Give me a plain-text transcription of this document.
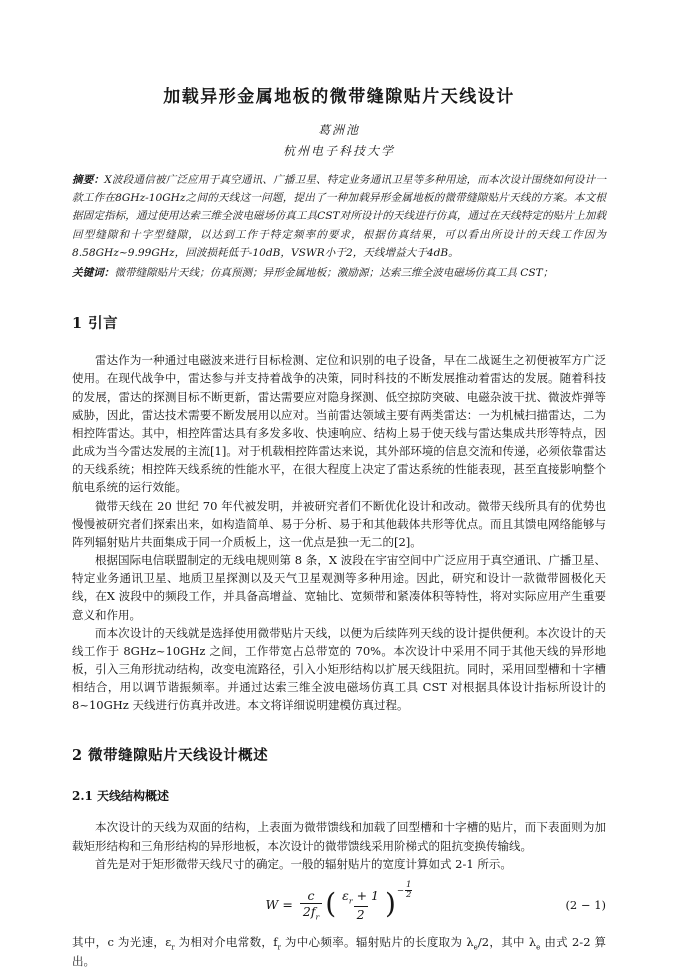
加载异形金属地板的微带缝隙贴片天线设计
葛洲池
杭州电子科技大学

摘要：X波段通信被广泛应用于真空通讯、广播卫星、特定业务通讯卫星等多种用途，而本次设计围绕如何设计一款工作在8GHz-10GHz之间的天线这一问题，提出了一种加载异形金属地板的微带缝隙贴片天线的方案。本文根据固定指标，通过使用达索三维全波电磁场仿真工具CST对所设计的天线进行仿真，通过在天线特定的贴片上加载回型缝隙和十字型缝隙，以达到工作于特定频率的要求，根据仿真结果，可以看出所设计的天线工作因为8.58GHz~9.99GHz，回波损耗低于-10dB，VSWR小于2，天线增益大于4dB。

关键词：微带缝隙贴片天线；仿真预测；异形金属地板；激励源；达索三维全波电磁场仿真工具 CST；

1 引言

雷达作为一种通过电磁波来进行目标检测、定位和识别的电子设备，早在二战诞生之初便被军方广泛使用。在现代战争中，雷达参与并支持着战争的决策，同时科技的不断发展推动着雷达的发展。随着科技的发展，雷达的探测目标不断更新，雷达需要应对隐身探测、低空掠防突破、电磁杂波干扰、微波炸弹等威胁，因此，雷达技术需要不断发展用以应对。当前雷达领域主要有两类雷达：一为机械扫描雷达，二为相控阵雷达。其中，相控阵雷达具有多发多收、快速响应、结构上易于使天线与雷达集成共形等特点，因此成为当今雷达发展的主流[1]。对于机载相控阵雷达来说，其外部环境的信息交流和传递，必须依靠雷达的天线系统；相控阵天线系统的性能水平，在很大程度上决定了雷达系统的性能表现，甚至直接影响整个航电系统的运行效能。

微带天线在 20 世纪 70 年代被发明，并被研究者们不断优化设计和改动。微带天线所具有的优势也慢慢被研究者们探索出来，如构造简单、易于分析、易于和其他载体共形等优点。而且其馈电网络能够与阵列辐射贴片共面集成于同一介质板上，这一优点是独一无二的[2]。

根据国际电信联盟制定的无线电规则第 8 条，X 波段在宇宙空间中广泛应用于真空通讯、广播卫星、特定业务通讯卫星、地质卫星探测以及天气卫星观测等多种用途。因此，研究和设计一款微带圆极化天线，在X 波段中的频段工作，并具备高增益、宽轴比、宽频带和紧凑体积等特性，将对实际应用产生重要意义和作用。

而本次设计的天线就是选择使用微带贴片天线，以便为后续阵列天线的设计提供便利。本次设计的天线工作于 8GHz~10GHz 之间，工作带宽占总带宽的 70%。本次设计中采用不同于其他天线的异形地板，引入三角形扰动结构，改变电流路径，引入小矩形结构以扩展天线阻抗。同时，采用回型槽和十字槽相结合，用以调节谐振频率。并通过达索三维全波电磁场仿真工具 CST 对根据具体设计指标所设计的 8~10GHz 天线进行仿真并改进。本文将详细说明建模仿真过程。

2 微带缝隙贴片天线设计概述
2.1 天线结构概述

本次设计的天线为双面的结构，上表面为微带馈线和加载了回型槽和十字槽的贴片，而下表面则为加载矩形结构和三角形结构的异形地板，本次设计的微带馈线采用阶梯式的阻抗变换传输线。

首先是对于矩形微带天线尺寸的确定。一般的辐射贴片的宽度计算如式 2-1 所示。

$W = \frac{c}{2f_r}$ ( $\frac{\varepsilon_r + 1}{2}$ ) − $\frac{1}{2}$
(2 − 1)

其中，c 为光速，$\varepsilon_r$ 为相对介电常数，$f_r$ 为中心频率。辐射贴片的长度取为 $\lambda_e/2$，其中 $\lambda_e$ 由式 2-2 算出。
